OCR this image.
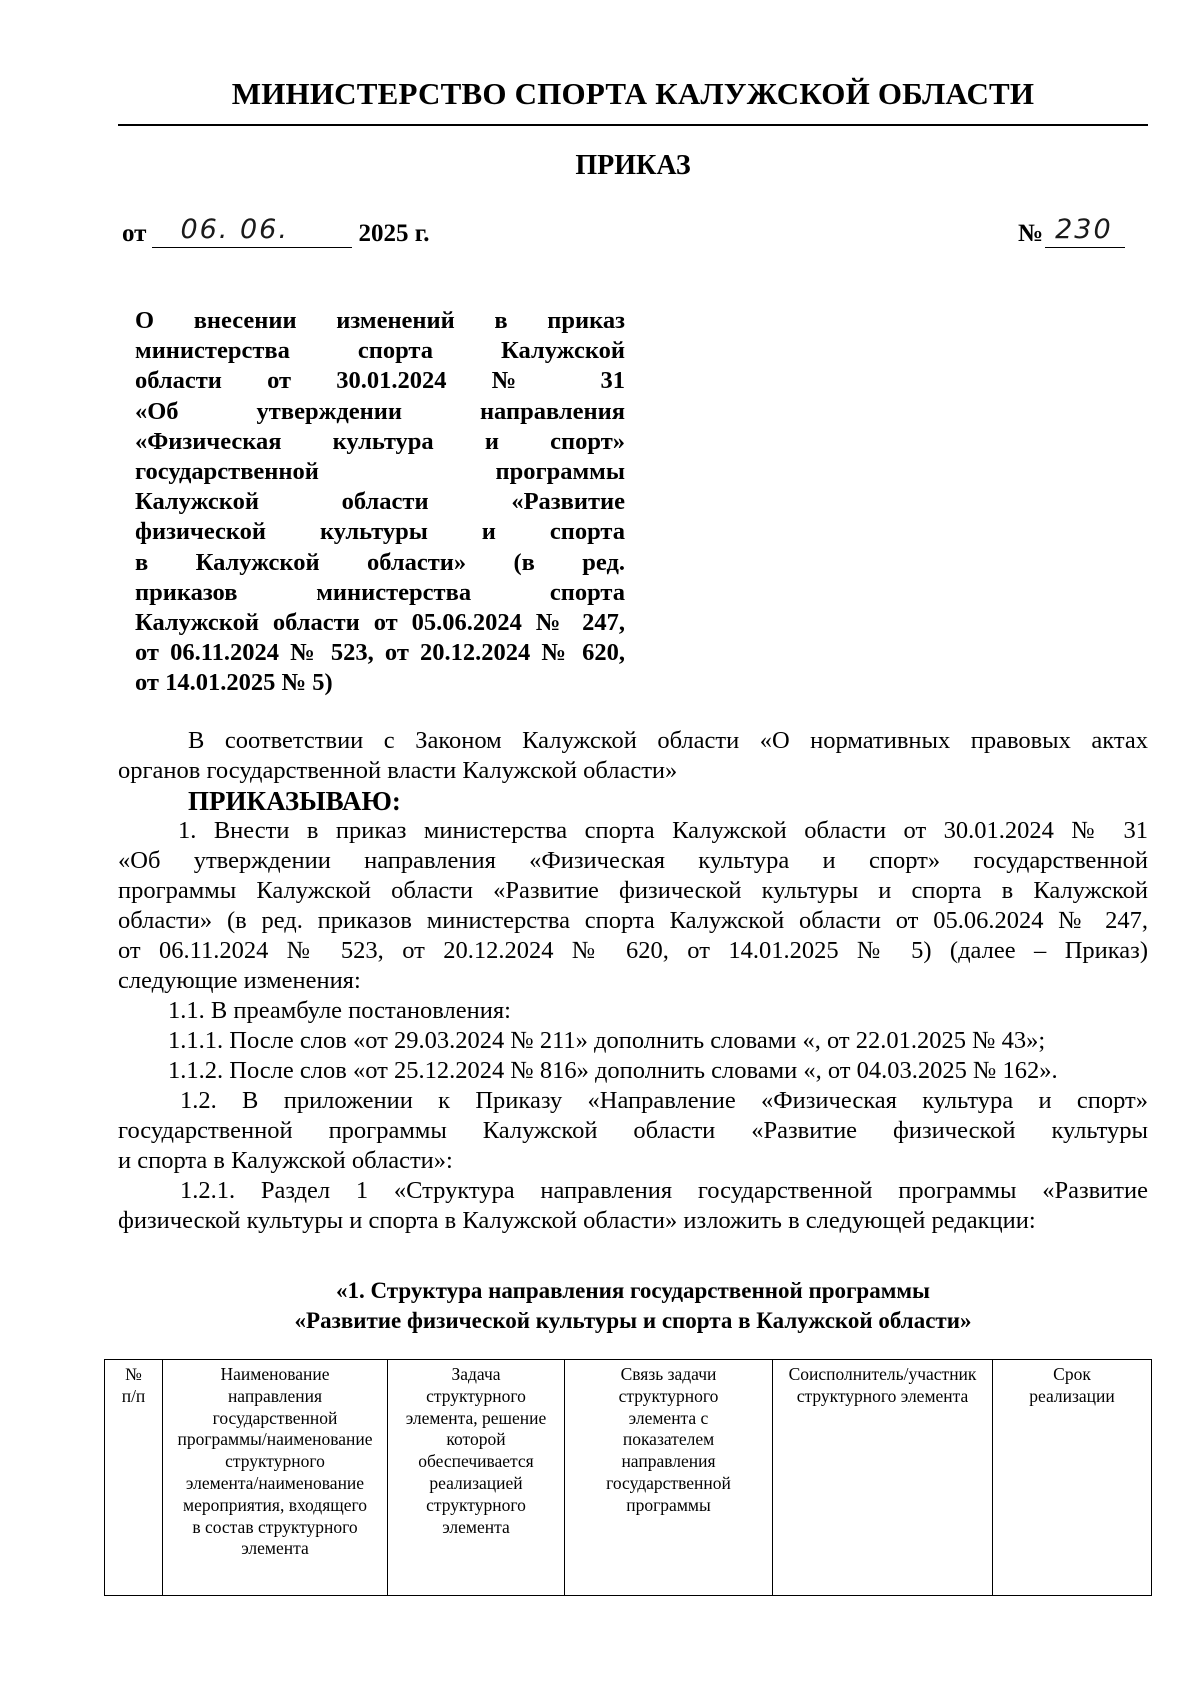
МИНИСТЕРСТВО СПОРТА КАЛУЖСКОЙ ОБЛАСТИ
ПРИКАЗ
от 06. 06.	2025 г.	№ 230
О внесении изменений в приказ
министерства спорта Калужской
области от 30.01.2024 № 31
«Об утверждении направления
«Физическая культура и спорт»
государственной программы
Калужской области «Развитие
физической культуры и спорта
в Калужской области» (в ред.
приказов министерства спорта
Калужской области от 05.06.2024 № 247,
от 06.11.2024 № 523, от 20.12.2024 № 620,
от 14.01.2025 № 5)
В соответствии с Законом Калужской области «О нормативных правовых актах
органов государственной власти Калужской области»
ПРИКАЗЫВАЮ:
1. Внести в приказ министерства спорта Калужской области от 30.01.2024 № 31
«Об утверждении направления «Физическая культура и спорт» государственной
программы Калужской области «Развитие физической культуры и спорта в Калужской
области» (в ред. приказов министерства спорта Калужской области от 05.06.2024 № 247,
от 06.11.2024 № 523, от 20.12.2024 № 620, от 14.01.2025 № 5) (далее – Приказ)
следующие изменения:
1.1. В преамбуле постановления:
1.1.1. После слов «от 29.03.2024 № 211» дополнить словами «, от 22.01.2025 № 43»;
1.1.2. После слов «от 25.12.2024 № 816» дополнить словами «, от 04.03.2025 № 162».
1.2. В приложении к Приказу «Направление «Физическая культура и спорт»
государственной программы Калужской области «Развитие физической культуры
и спорта в Калужской области»:
1.2.1. Раздел 1 «Структура направления государственной программы «Развитие
физической культуры и спорта в Калужской области» изложить в следующей редакции:
«1. Структура направления государственной программы
«Развитие физической культуры и спорта в Калужской области»
№
п/п	Наименование
направления
государственной
программы/наименование
структурного
элемента/наименование
мероприятия, входящего
в состав структурного
элемента	Задача
структурного
элемента, решение
которой
обеспечивается
реализацией
структурного
элемента	Связь задачи
структурного
элемента с
показателем
направления
государственной
программы	Соисполнитель/участник
структурного элемента	Срок
реализации
